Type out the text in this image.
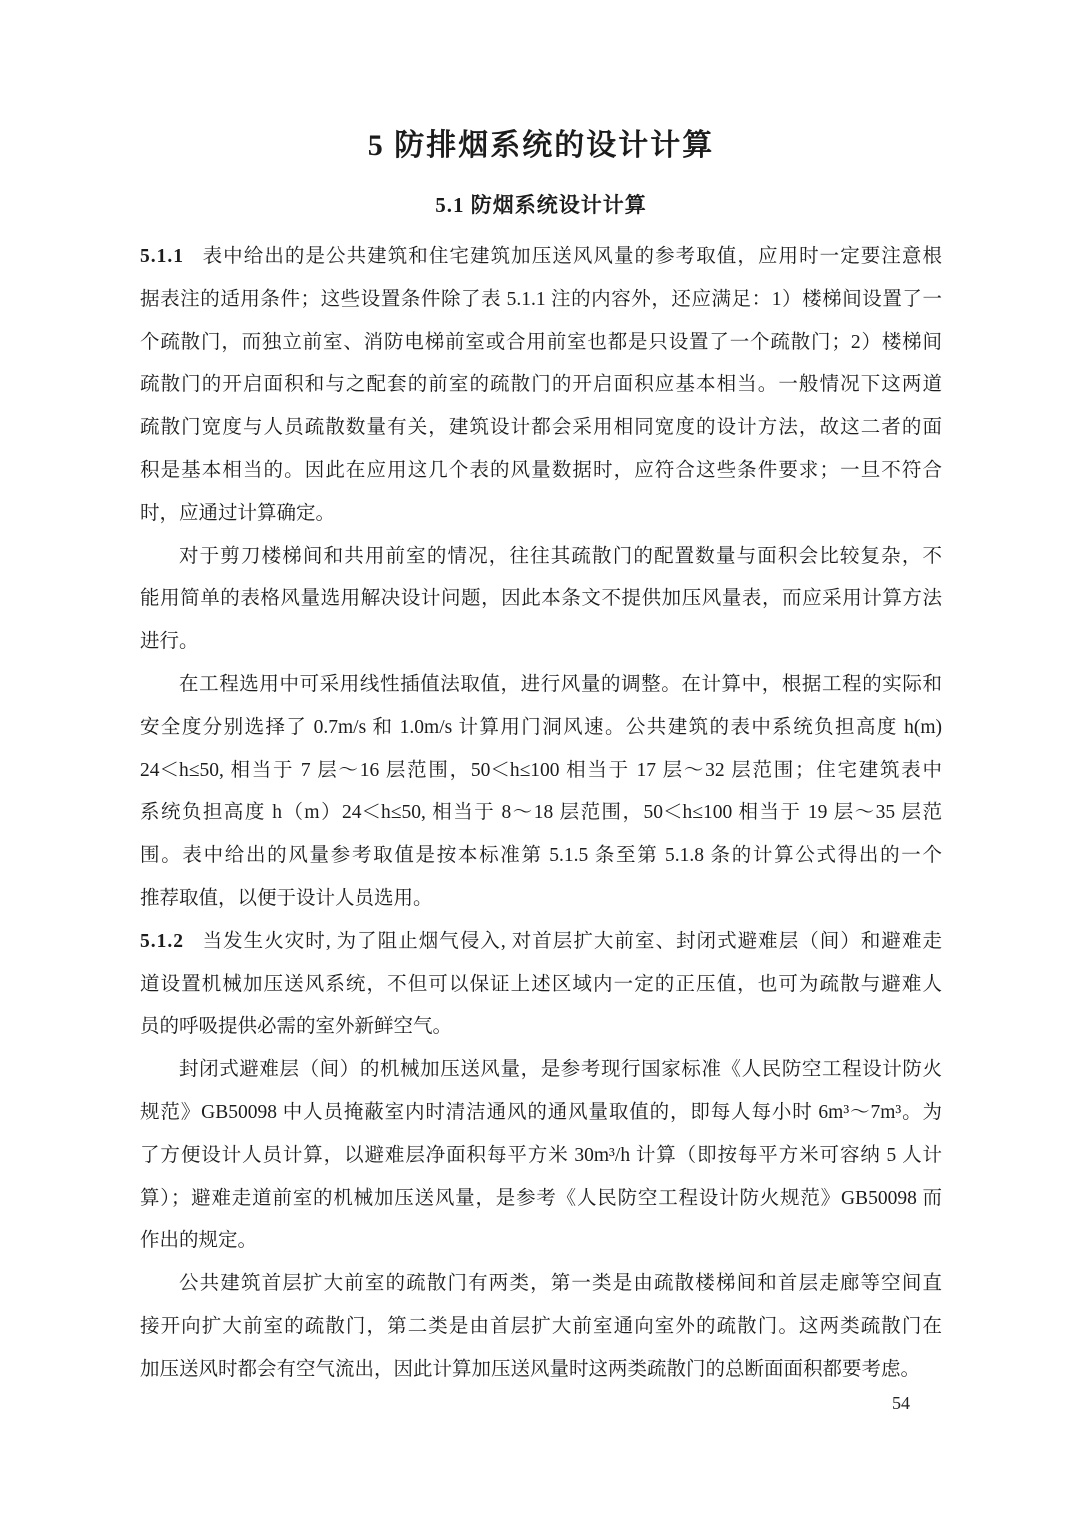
5 防排烟系统的设计计算
5.1 防烟系统设计计算
5.1.1 表中给出的是公共建筑和住宅建筑加压送风风量的参考取值，应用时一定要注意根
据表注的适用条件；这些设置条件除了表 5.1.1 注的内容外，还应满足：1）楼梯间设置了一
个疏散门，而独立前室、消防电梯前室或合用前室也都是只设置了一个疏散门；2）楼梯间
疏散门的开启面积和与之配套的前室的疏散门的开启面积应基本相当。一般情况下这两道
疏散门宽度与人员疏散数量有关，建筑设计都会采用相同宽度的设计方法，故这二者的面
积是基本相当的。因此在应用这几个表的风量数据时，应符合这些条件要求；一旦不符合
时，应通过计算确定。
对于剪刀楼梯间和共用前室的情况，往往其疏散门的配置数量与面积会比较复杂，不
能用简单的表格风量选用解决设计问题，因此本条文不提供加压风量表，而应采用计算方法
进行。
在工程选用中可采用线性插值法取值，进行风量的调整。在计算中，根据工程的实际和
安全度分别选择了 0.7m/s 和 1.0m/s 计算用门洞风速。公共建筑的表中系统负担高度 h(m)
24＜h≤50, 相当于 7 层～16 层范围，50＜h≤100 相当于 17 层～32 层范围；住宅建筑表中
系统负担高度 h（m）24＜h≤50, 相当于 8～18 层范围，50＜h≤100 相当于 19 层～35 层范
围。表中给出的风量参考取值是按本标准第 5.1.5 条至第 5.1.8 条的计算公式得出的一个
推荐取值，以便于设计人员选用。
5.1.2 当发生火灾时, 为了阻止烟气侵入, 对首层扩大前室、封闭式避难层（间）和避难走
道设置机械加压送风系统，不但可以保证上述区域内一定的正压值，也可为疏散与避难人
员的呼吸提供必需的室外新鲜空气。
封闭式避难层（间）的机械加压送风量，是参考现行国家标准《人民防空工程设计防火
规范》GB50098 中人员掩蔽室内时清洁通风的通风量取值的，即每人每小时 6m³～7m³。为
了方便设计人员计算，以避难层净面积每平方米 30m³/h 计算（即按每平方米可容纳 5 人计
算）；避难走道前室的机械加压送风量，是参考《人民防空工程设计防火规范》GB50098 而
作出的规定。
公共建筑首层扩大前室的疏散门有两类，第一类是由疏散楼梯间和首层走廊等空间直
接开向扩大前室的疏散门，第二类是由首层扩大前室通向室外的疏散门。这两类疏散门在
加压送风时都会有空气流出，因此计算加压送风量时这两类疏散门的总断面面积都要考虑。
54
